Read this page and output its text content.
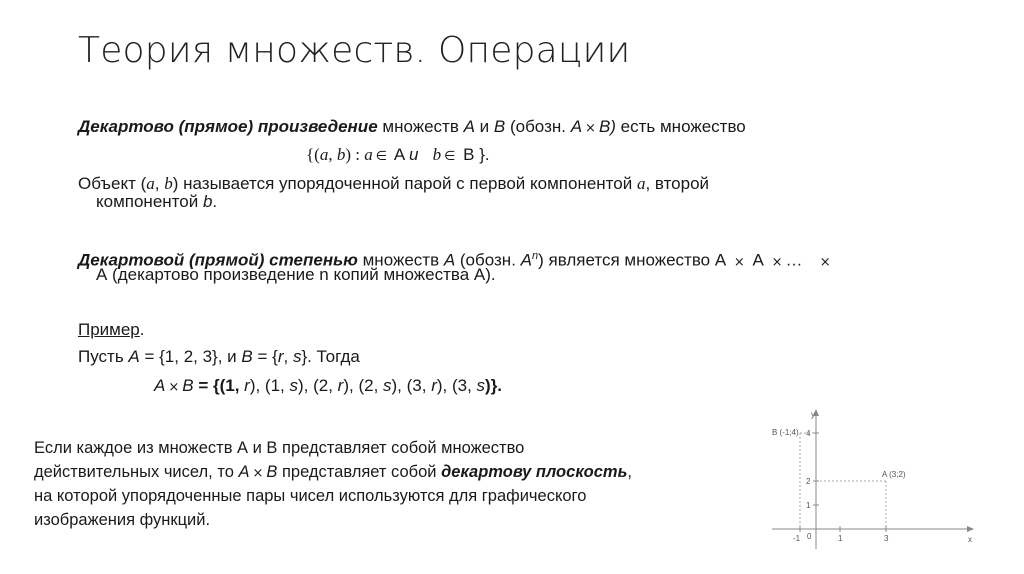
Теория множеств. Операции
Декартово (прямое) произведение множеств A и B (обозн. A × B) есть множество
{(a, b) : a ∈ A и b ∈ B }.
Объект (a, b) называется упорядоченной парой с первой компонентой a, второй
компонентой b.
Декартовой (прямой) степенью множеств A (обозн. $A^n$) является множество А × А × …   ×
А (декартово произведение n копий множества А).
Пример.
Пусть A = {1, 2, 3}, и B = {r, s}. Тогда
A × B = {(1, r), (1, s), (2, r), (2, s), (3, r), (3, s)}.
Если каждое из множеств А и В представляет собой множество
действительных чисел, то A × B представляет собой декартову плоскость,
на которой упорядоченные пары чисел используются для графического
изображения функций.
y
x
0
B (-1;4)
A (3;2)
4
2
1
-1	1	3
